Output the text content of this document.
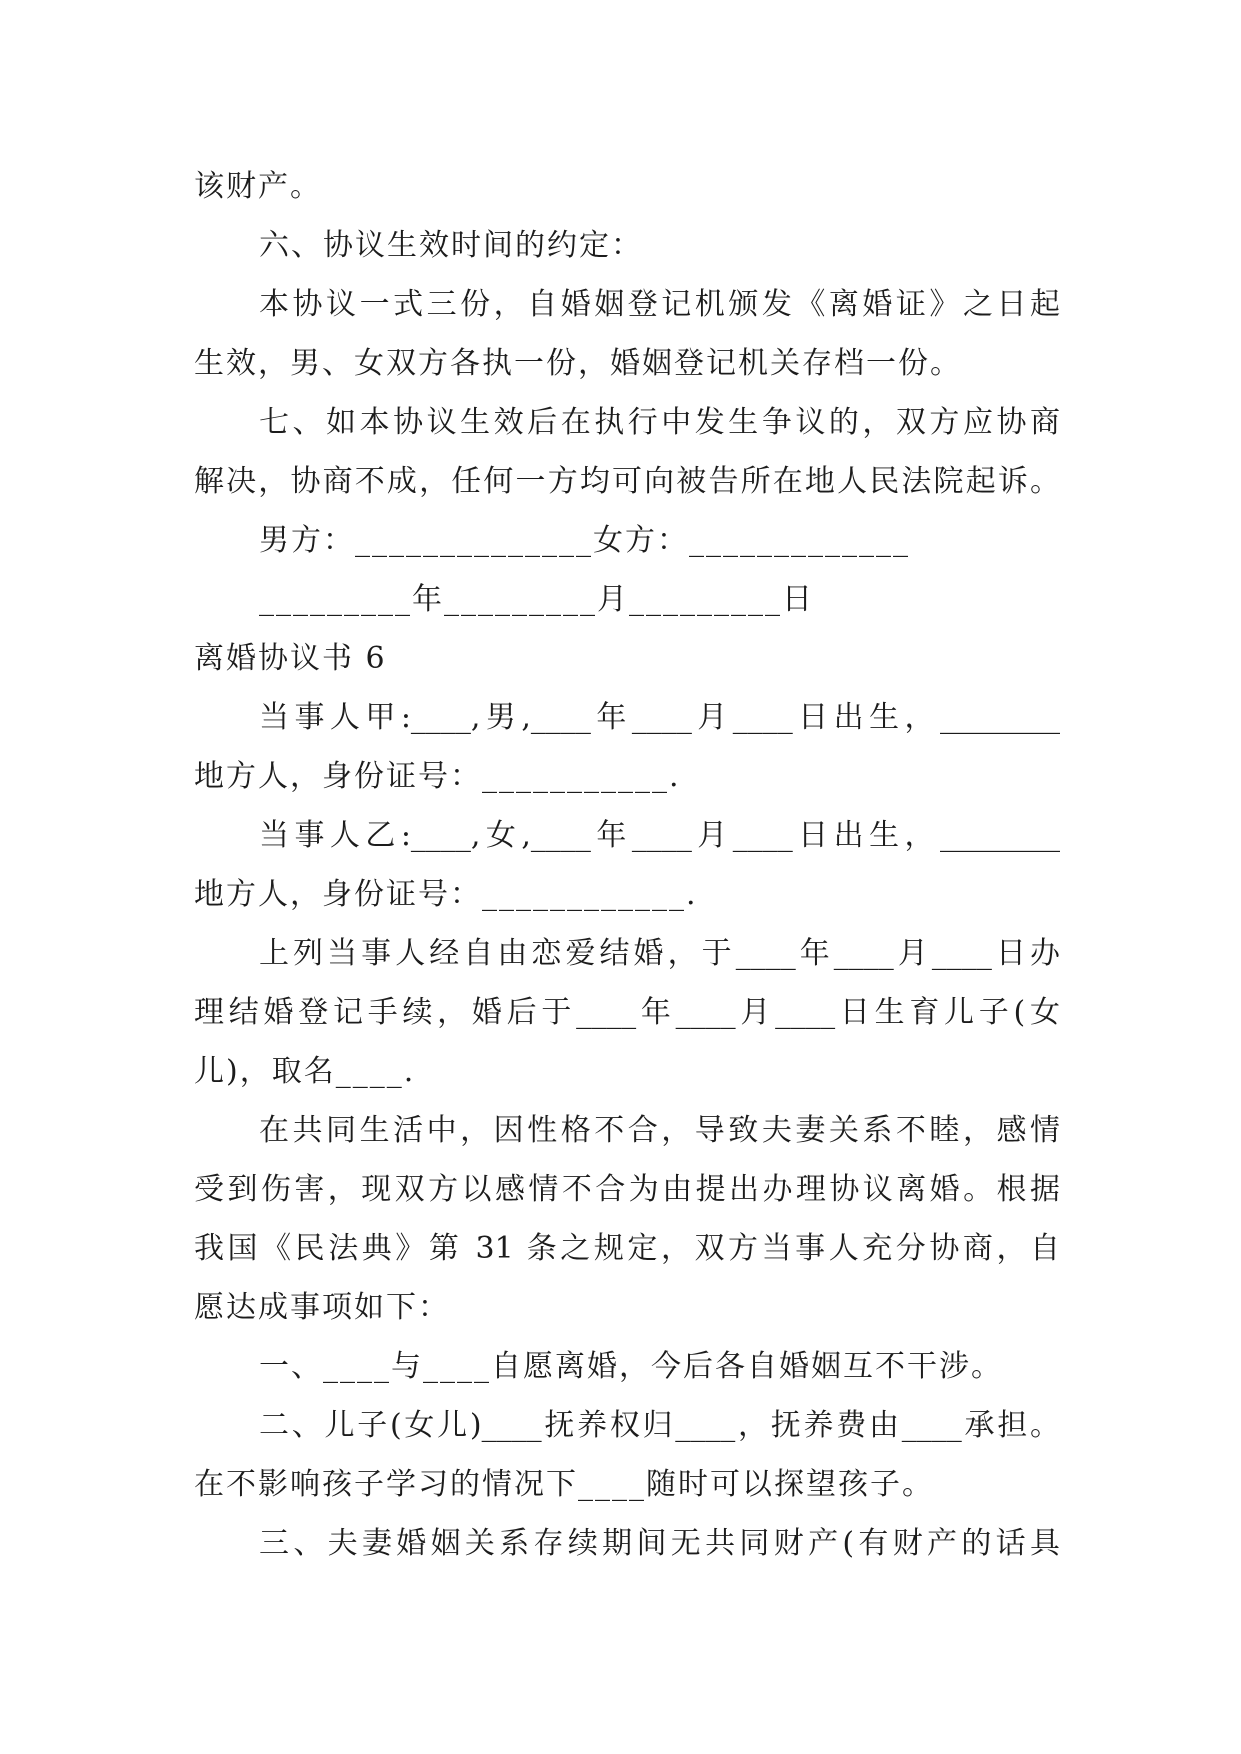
该财产。
六、协议生效时间的约定：
本协议一式三份，自婚姻登记机颁发《离婚证》之日起
生效，男、女双方各执一份，婚姻登记机关存档一份。
七、如本协议生效后在执行中发生争议的，双方应协商
解决，协商不成，任何一方均可向被告所在地人民法院起诉。
男方：______________女方：_____________
_________年_________月_________日
离婚协议书 6
当事人甲:____,男,____年____月____日出生，________
地方人，身份证号：___________.
当事人乙:____,女,____年____月____日出生，________
地方人，身份证号：____________.
上列当事人经自由恋爱结婚，于____年____月____日办
理结婚登记手续，婚后于____年____月____日生育儿子(女
儿)，取名____.
在共同生活中，因性格不合，导致夫妻关系不睦，感情
受到伤害，现双方以感情不合为由提出办理协议离婚。根据
我国《民法典》第 31 条之规定，双方当事人充分协商，自
愿达成事项如下：
一、____与____自愿离婚，今后各自婚姻互不干涉。
二、儿子(女儿)____抚养权归____，抚养费由____承担。
在不影响孩子学习的情况下____随时可以探望孩子。
三、夫妻婚姻关系存续期间无共同财产(有财产的话具
